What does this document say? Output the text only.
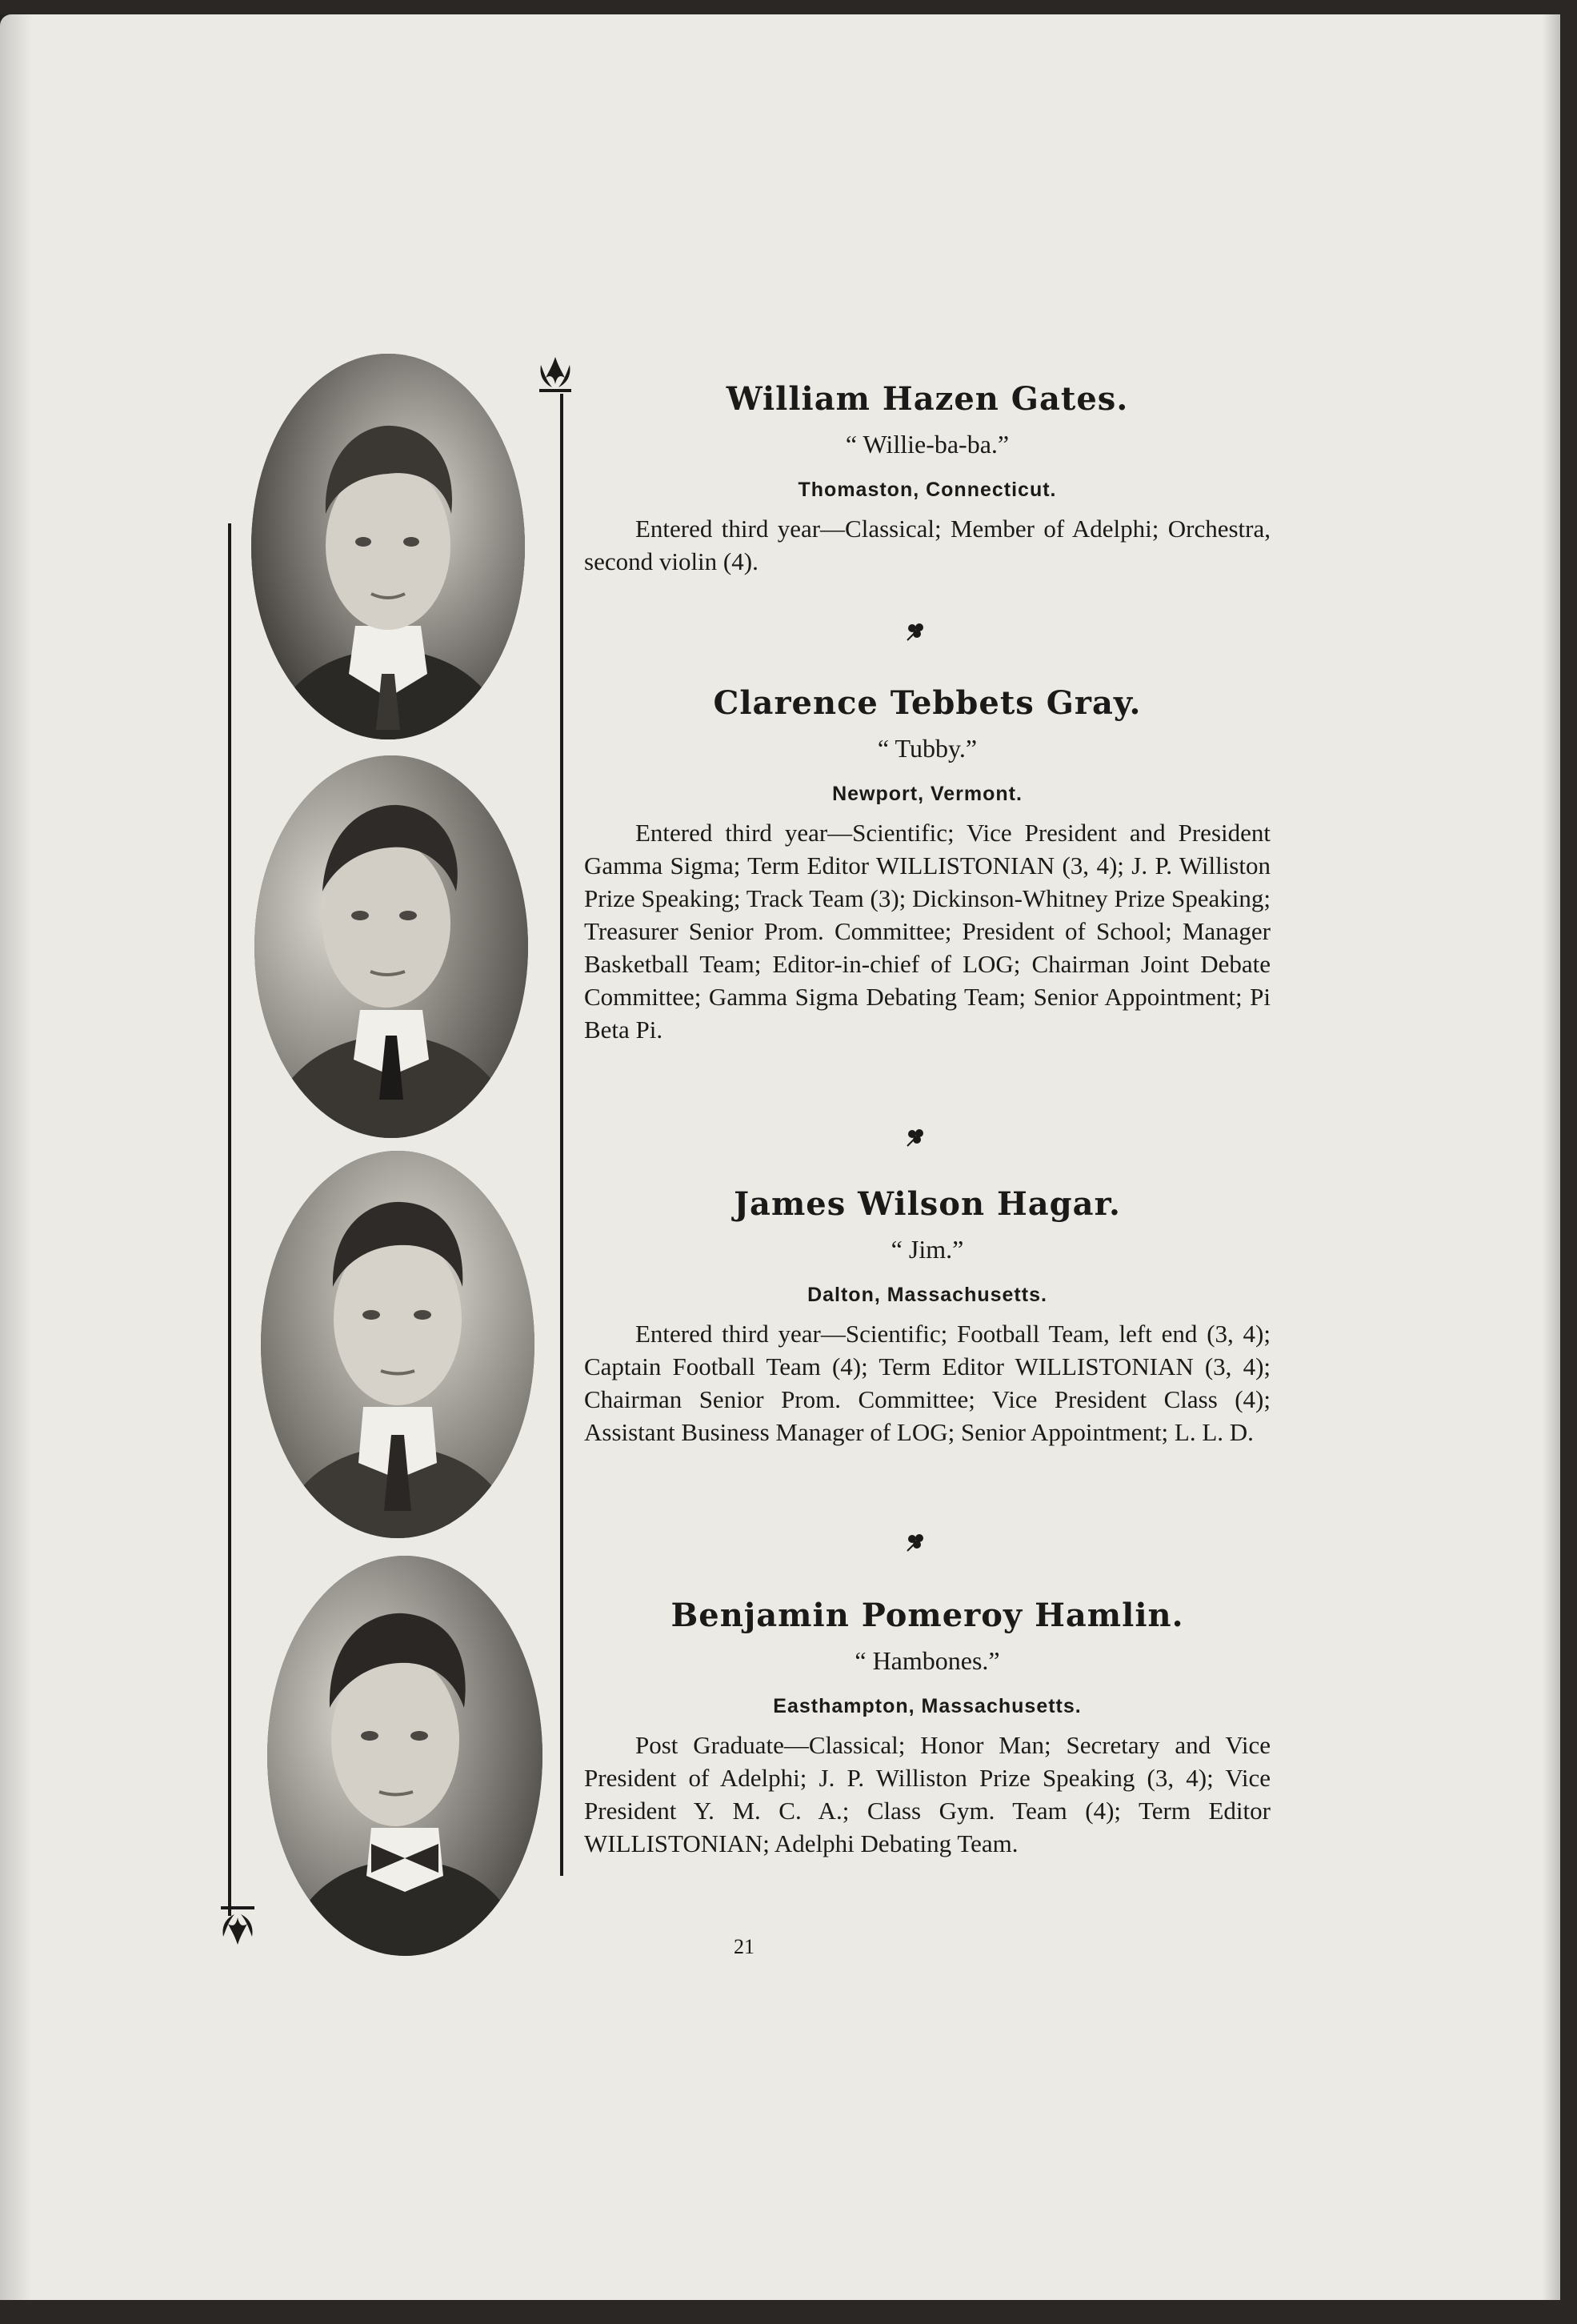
William Hazen Gates.
“ Willie-ba-ba.”
Thomaston, Connecticut.
Entered third year—Classical; Member of Adelphi; Orchestra, second violin (4).
Clarence Tebbets Gray.
“ Tubby.”
Newport, Vermont.
Entered third year—Scientific; Vice President and President Gamma Sigma; Term Editor WILLISTONIAN (3, 4); J. P. Williston Prize Speaking; Track Team (3); Dickinson-Whitney Prize Speaking; Treasurer Senior Prom. Committee; President of School; Manager Basketball Team; Editor-in-chief of LOG; Chairman Joint Debate Committee; Gamma Sigma Debating Team; Senior Appointment; Pi Beta Pi.
James Wilson Hagar.
“ Jim.”
Dalton, Massachusetts.
Entered third year—Scientific; Football Team, left end (3, 4); Captain Football Team (4); Term Editor WILLISTONIAN (3, 4); Chairman Senior Prom. Committee; Vice President Class (4); Assistant Business Manager of LOG; Senior Appointment; L. L. D.
Benjamin Pomeroy Hamlin.
“ Hambones.”
Easthampton, Massachusetts.
Post Graduate—Classical; Honor Man; Secretary and Vice President of Adelphi; J. P. Williston Prize Speaking (3, 4); Vice President Y. M. C. A.; Class Gym. Team (4); Term Editor WILLISTONIAN; Adelphi Debating Team.
21
